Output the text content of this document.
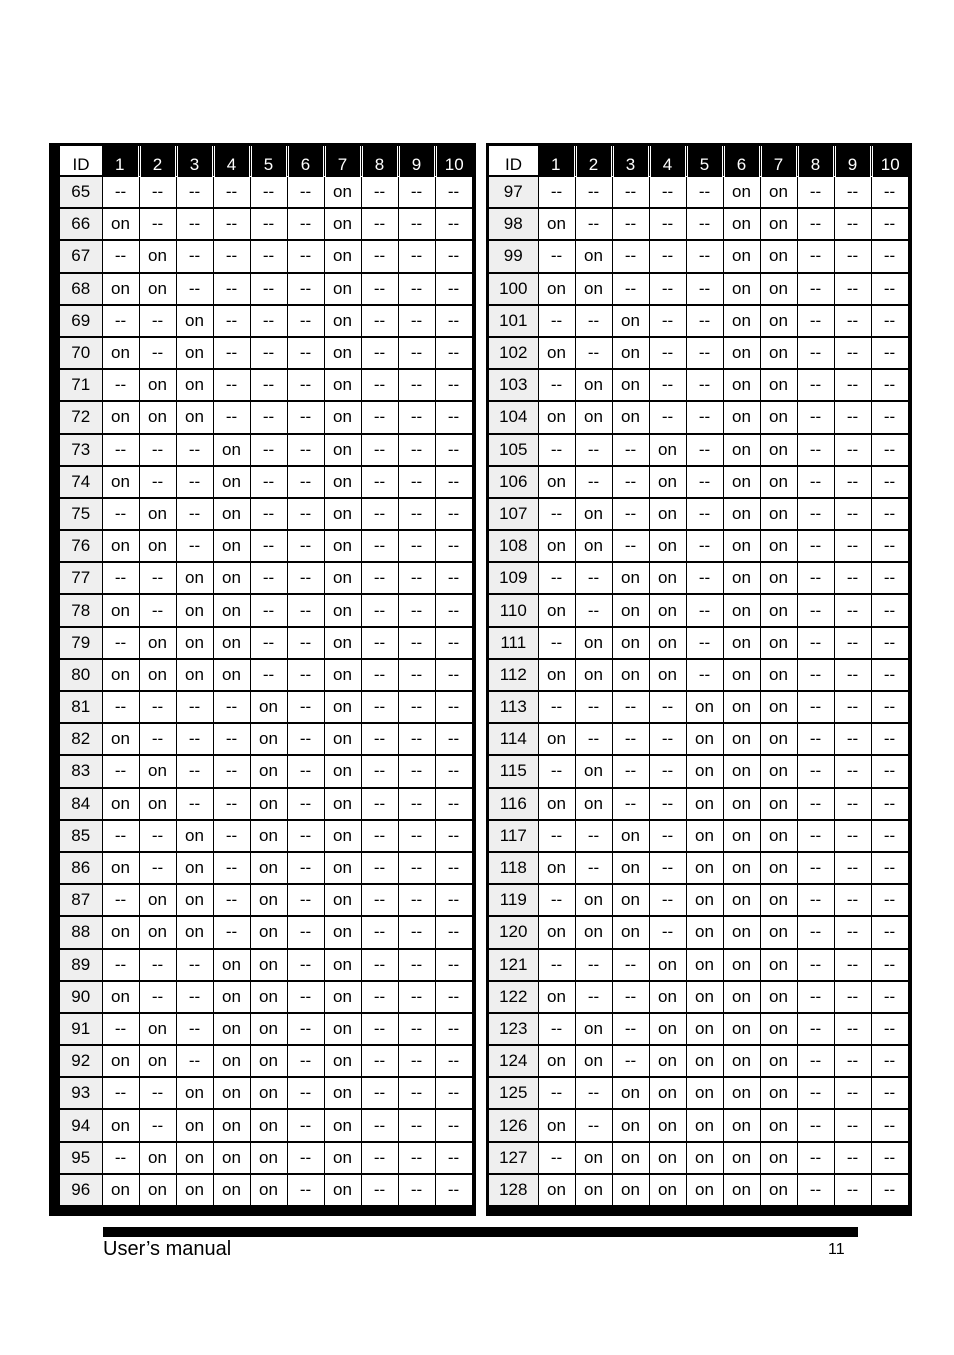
ID	1	2	3	4	5	6	7	8	9	10
65	--	--	--	--	--	--	on	--	--	--
66	on	--	--	--	--	--	on	--	--	--
67	--	on	--	--	--	--	on	--	--	--
68	on	on	--	--	--	--	on	--	--	--
69	--	--	on	--	--	--	on	--	--	--
70	on	--	on	--	--	--	on	--	--	--
71	--	on	on	--	--	--	on	--	--	--
72	on	on	on	--	--	--	on	--	--	--
73	--	--	--	on	--	--	on	--	--	--
74	on	--	--	on	--	--	on	--	--	--
75	--	on	--	on	--	--	on	--	--	--
76	on	on	--	on	--	--	on	--	--	--
77	--	--	on	on	--	--	on	--	--	--
78	on	--	on	on	--	--	on	--	--	--
79	--	on	on	on	--	--	on	--	--	--
80	on	on	on	on	--	--	on	--	--	--
81	--	--	--	--	on	--	on	--	--	--
82	on	--	--	--	on	--	on	--	--	--
83	--	on	--	--	on	--	on	--	--	--
84	on	on	--	--	on	--	on	--	--	--
85	--	--	on	--	on	--	on	--	--	--
86	on	--	on	--	on	--	on	--	--	--
87	--	on	on	--	on	--	on	--	--	--
88	on	on	on	--	on	--	on	--	--	--
89	--	--	--	on	on	--	on	--	--	--
90	on	--	--	on	on	--	on	--	--	--
91	--	on	--	on	on	--	on	--	--	--
92	on	on	--	on	on	--	on	--	--	--
93	--	--	on	on	on	--	on	--	--	--
94	on	--	on	on	on	--	on	--	--	--
95	--	on	on	on	on	--	on	--	--	--
96	on	on	on	on	on	--	on	--	--	--
ID	1	2	3	4	5	6	7	8	9	10
97	--	--	--	--	--	on	on	--	--	--
98	on	--	--	--	--	on	on	--	--	--
99	--	on	--	--	--	on	on	--	--	--
100	on	on	--	--	--	on	on	--	--	--
101	--	--	on	--	--	on	on	--	--	--
102	on	--	on	--	--	on	on	--	--	--
103	--	on	on	--	--	on	on	--	--	--
104	on	on	on	--	--	on	on	--	--	--
105	--	--	--	on	--	on	on	--	--	--
106	on	--	--	on	--	on	on	--	--	--
107	--	on	--	on	--	on	on	--	--	--
108	on	on	--	on	--	on	on	--	--	--
109	--	--	on	on	--	on	on	--	--	--
110	on	--	on	on	--	on	on	--	--	--
111	--	on	on	on	--	on	on	--	--	--
112	on	on	on	on	--	on	on	--	--	--
113	--	--	--	--	on	on	on	--	--	--
114	on	--	--	--	on	on	on	--	--	--
115	--	on	--	--	on	on	on	--	--	--
116	on	on	--	--	on	on	on	--	--	--
117	--	--	on	--	on	on	on	--	--	--
118	on	--	on	--	on	on	on	--	--	--
119	--	on	on	--	on	on	on	--	--	--
120	on	on	on	--	on	on	on	--	--	--
121	--	--	--	on	on	on	on	--	--	--
122	on	--	--	on	on	on	on	--	--	--
123	--	on	--	on	on	on	on	--	--	--
124	on	on	--	on	on	on	on	--	--	--
125	--	--	on	on	on	on	on	--	--	--
126	on	--	on	on	on	on	on	--	--	--
127	--	on	on	on	on	on	on	--	--	--
128	on	on	on	on	on	on	on	--	--	--
User’s manual	11
